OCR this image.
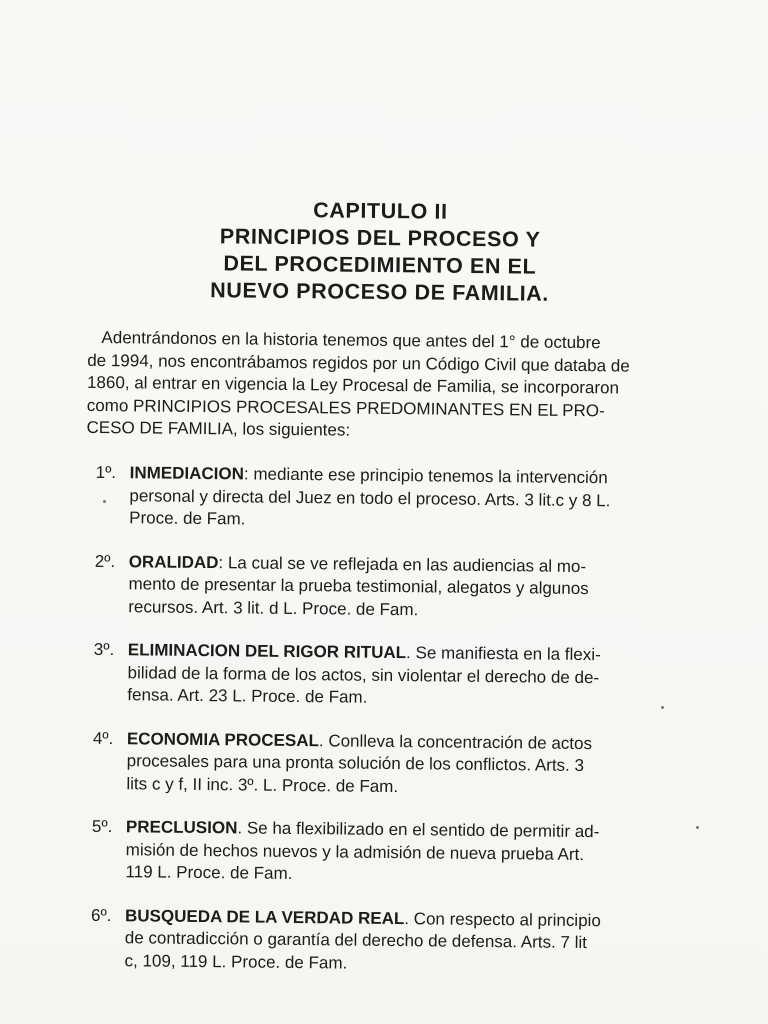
CAPITULO II
PRINCIPIOS DEL PROCESO Y
DEL PROCEDIMIENTO EN EL
NUEVO PROCESO DE FAMILIA.
Adentrándonos en la historia tenemos que antes del 1° de octubre
de 1994, nos encontrábamos regidos por un Código Civil que databa de
1860, al entrar en vigencia la Ley Procesal de Familia, se incorporaron
como PRINCIPIOS PROCESALES PREDOMINANTES EN EL PRO-
CESO DE FAMILIA, los siguientes:
1º. INMEDIACION: mediante ese principio tenemos la intervención
personal y directa del Juez en todo el proceso. Arts. 3 lit.c y 8 L.
Proce. de Fam.
2º. ORALIDAD: La cual se ve reflejada en las audiencias al mo-
mento de presentar la prueba testimonial, alegatos y algunos
recursos. Art. 3 lit. d L. Proce. de Fam.
3º. ELIMINACION DEL RIGOR RITUAL. Se manifiesta en la flexi-
bilidad de la forma de los actos, sin violentar el derecho de de-
fensa. Art. 23 L. Proce. de Fam.
4º. ECONOMIA PROCESAL. Conlleva la concentración de actos
procesales para una pronta solución de los conflictos. Arts. 3
lits c y f, II inc. 3º. L. Proce. de Fam.
5º. PRECLUSION. Se ha flexibilizado en el sentido de permitir ad-
misión de hechos nuevos y la admisión de nueva prueba Art.
119 L. Proce. de Fam.
6º. BUSQUEDA DE LA VERDAD REAL. Con respecto al principio
de contradicción o garantía del derecho de defensa. Arts. 7 lit
c, 109, 119 L. Proce. de Fam.
